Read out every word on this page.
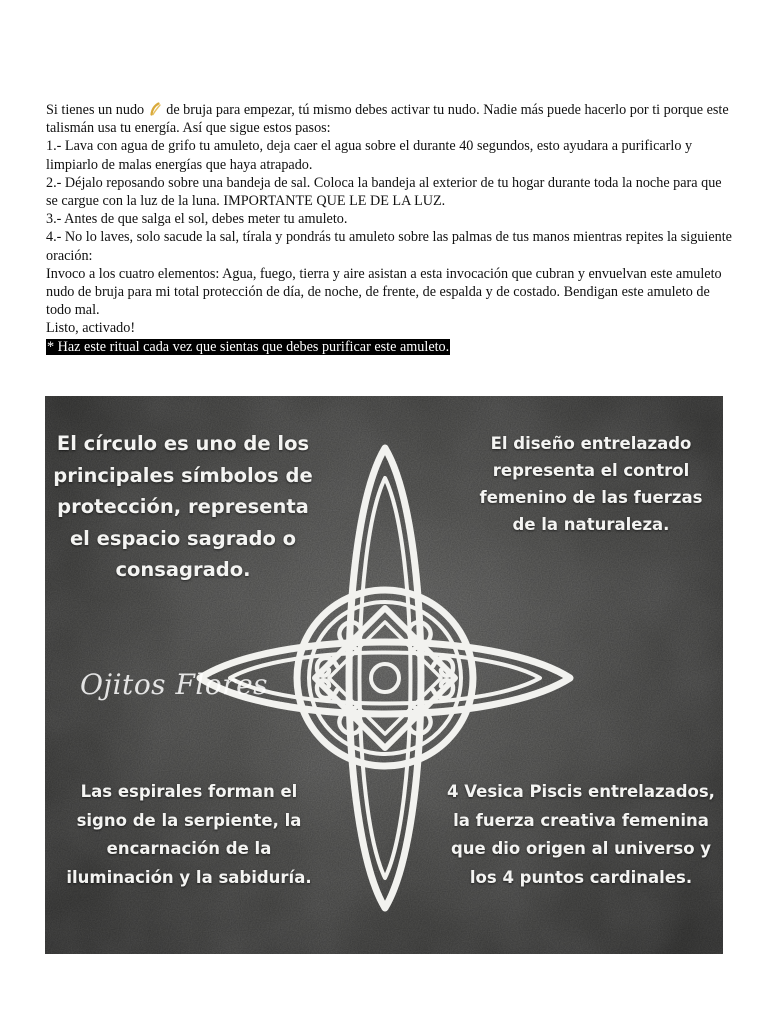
Si tienes un nudo  de bruja para empezar, tú mismo debes activar tu nudo. Nadie más puede hacerlo por ti porque este talismán usa tu energía. Así que sigue estos pasos:

1.- Lava con agua de grifo tu amuleto, deja caer el agua sobre el durante 40 segundos, esto ayudara a purificarlo y limpiarlo de malas energías que haya atrapado.

2.- Déjalo reposando sobre una bandeja de sal. Coloca la bandeja al exterior de tu hogar durante toda la noche para que se cargue con la luz de la luna. IMPORTANTE QUE LE DE LA LUZ.

3.- Antes de que salga el sol, debes meter tu amuleto.

4.- No lo laves, solo sacude la sal, tírala y pondrás tu amuleto sobre las palmas de tus manos mientras repites la siguiente oración:

Invoco a los cuatro elementos: Agua, fuego, tierra y aire asistan a esta invocación que cubran y envuelvan este amuleto nudo de bruja para mi total protección de día, de noche, de frente, de espalda y de costado. Bendigan este amuleto de todo mal.

Listo, activado!

* Haz este ritual cada vez que sientas que debes purificar este amuleto.

El círculo es uno de los principales símbolos de protección, representa el espacio sagrado o consagrado.
El diseño entrelazado representa el control femenino de las fuerzas de la naturaleza.
Las espirales forman el signo de la serpiente, la encarnación de la iluminación y la sabiduría.
4 Vesica Piscis entrelazados, la fuerza creativa femenina que dio origen al universo y los 4 puntos cardinales.
Ojitos Flores
